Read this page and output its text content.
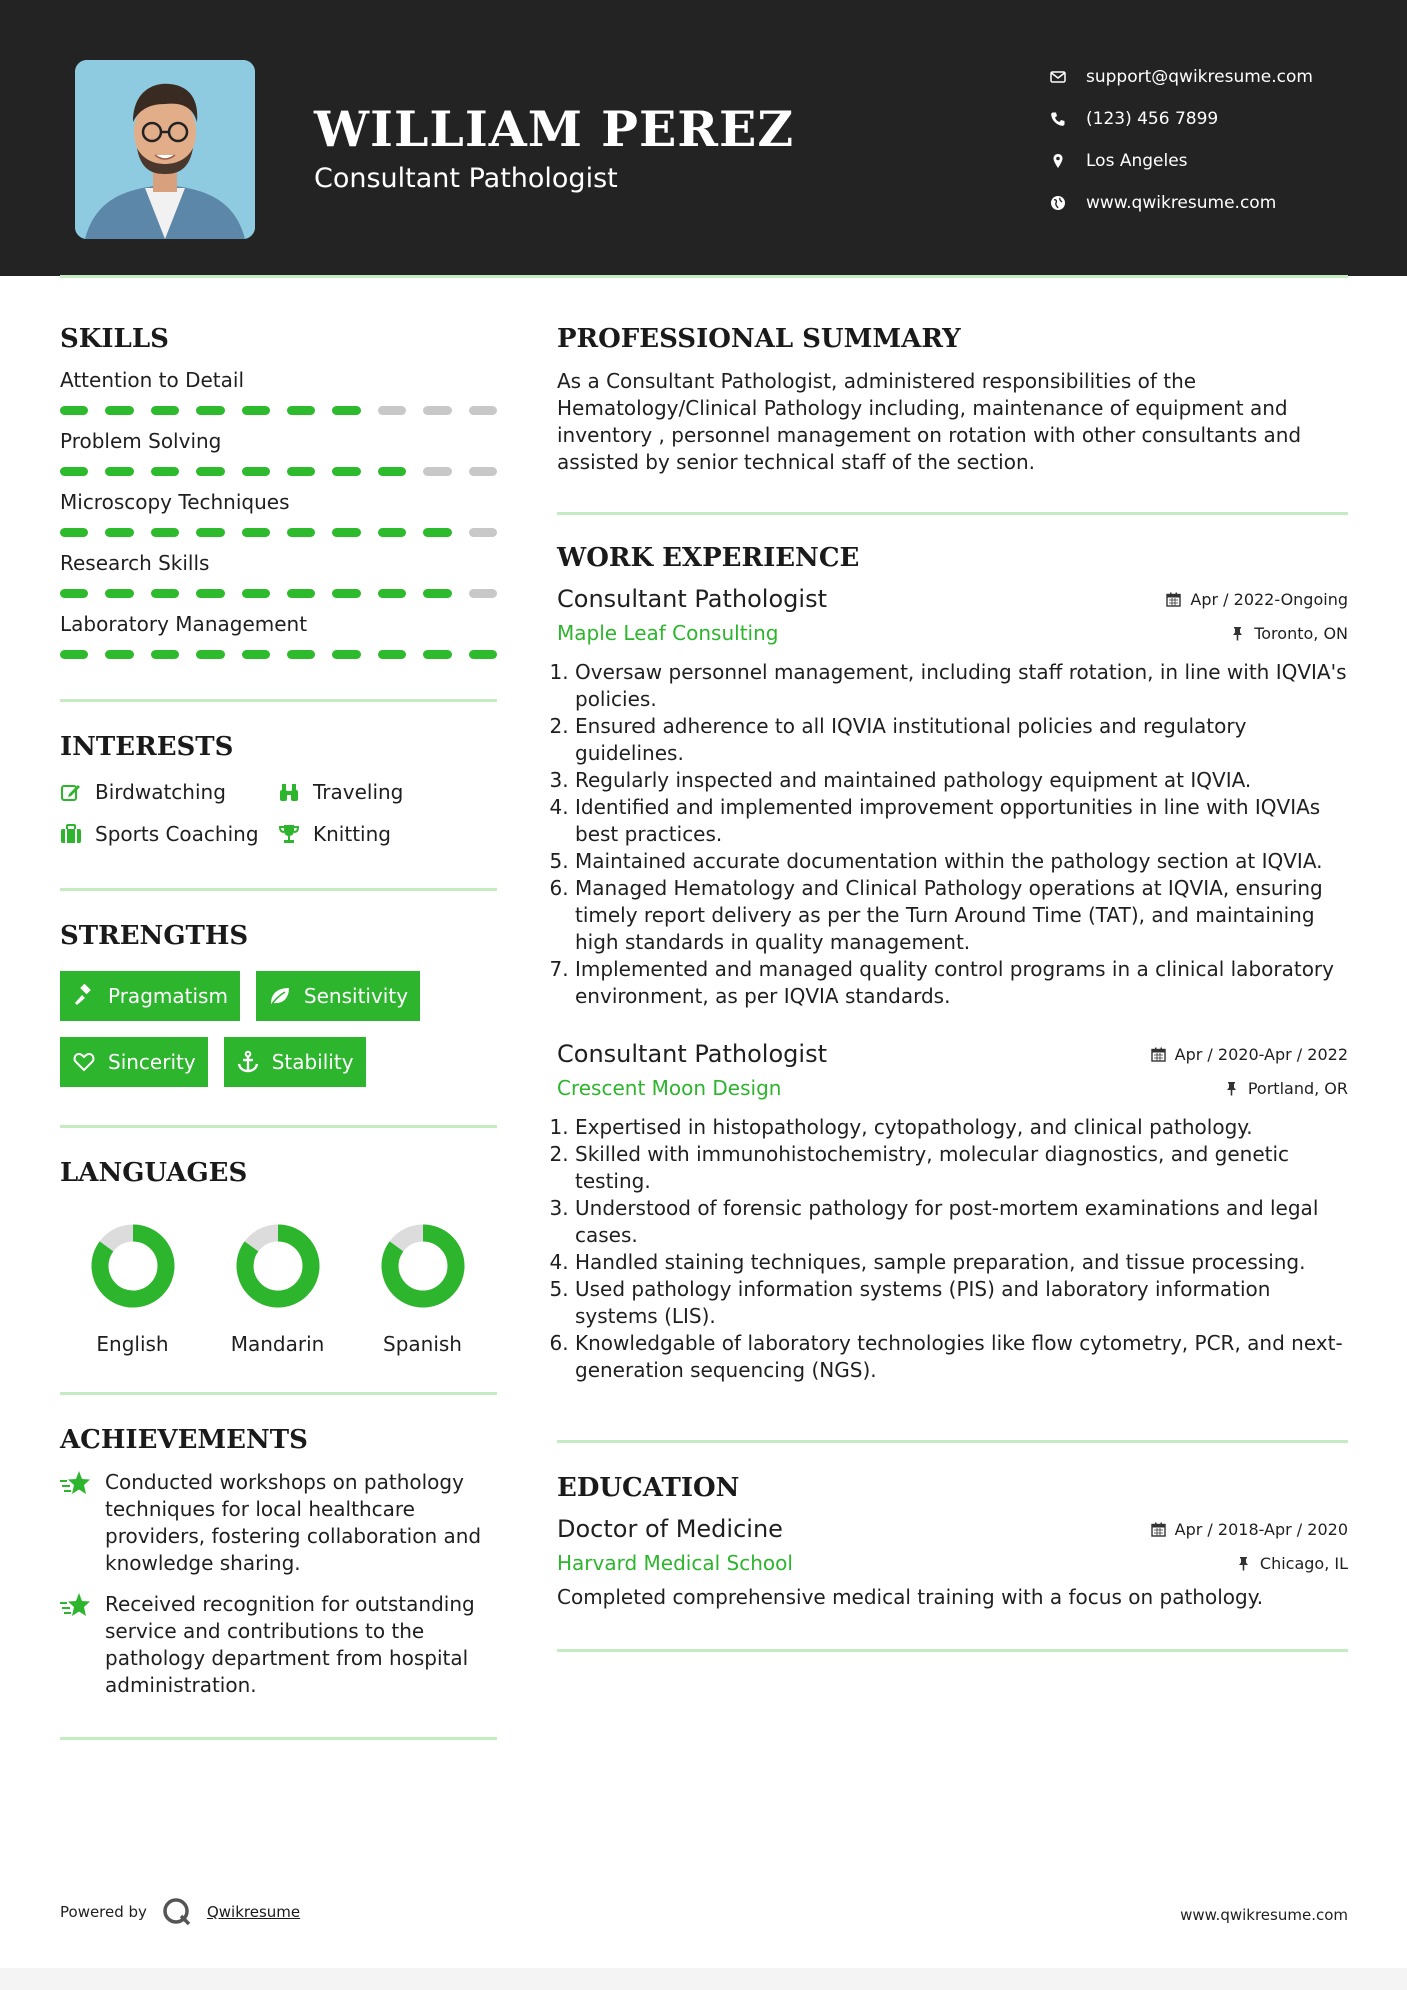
WILLIAM PEREZ
Consultant Pathologist
support@qwikresume.com
(123) 456 7899
Los Angeles
www.qwikresume.com
SKILLS
Attention to Detail
Problem Solving
Microscopy Techniques
Research Skills
Laboratory Management
INTERESTS
Birdwatching	Traveling
Sports Coaching	Knitting
STRENGTHS
Pragmatism	Sensitivity
Sincerity	Stability
LANGUAGES
English	Mandarin	Spanish
ACHIEVEMENTS
Conducted workshops on pathology techniques for local healthcare providers, fostering collaboration and knowledge sharing.
Received recognition for outstanding service and contributions to the pathology department from hospital administration.
PROFESSIONAL SUMMARY
As a Consultant Pathologist, administered responsibilities of the Hematology/Clinical Pathology including, maintenance of equipment and inventory , personnel management on rotation with other consultants and assisted by senior technical staff of the section.
WORK EXPERIENCE
Consultant Pathologist	Apr / 2022-Ongoing
Maple Leaf Consulting	Toronto, ON
1. Oversaw personnel management, including staff rotation, in line with IQVIA's policies.
2. Ensured adherence to all IQVIA institutional policies and regulatory guidelines.
3. Regularly inspected and maintained pathology equipment at IQVIA.
4. Identified and implemented improvement opportunities in line with IQVIAs best practices.
5. Maintained accurate documentation within the pathology section at IQVIA.
6. Managed Hematology and Clinical Pathology operations at IQVIA, ensuring timely report delivery as per the Turn Around Time (TAT), and maintaining high standards in quality management.
7. Implemented and managed quality control programs in a clinical laboratory environment, as per IQVIA standards.
Consultant Pathologist	Apr / 2020-Apr / 2022
Crescent Moon Design	Portland, OR
1. Expertised in histopathology, cytopathology, and clinical pathology.
2. Skilled with immunohistochemistry, molecular diagnostics, and genetic testing.
3. Understood of forensic pathology for post-mortem examinations and legal cases.
4. Handled staining techniques, sample preparation, and tissue processing.
5. Used pathology information systems (PIS) and laboratory information systems (LIS).
6. Knowledgable of laboratory technologies like flow cytometry, PCR, and next-generation sequencing (NGS).
EDUCATION
Doctor of Medicine	Apr / 2018-Apr / 2020
Harvard Medical School	Chicago, IL
Completed comprehensive medical training with a focus on pathology.
Powered by	Qwikresume	www.qwikresume.com
